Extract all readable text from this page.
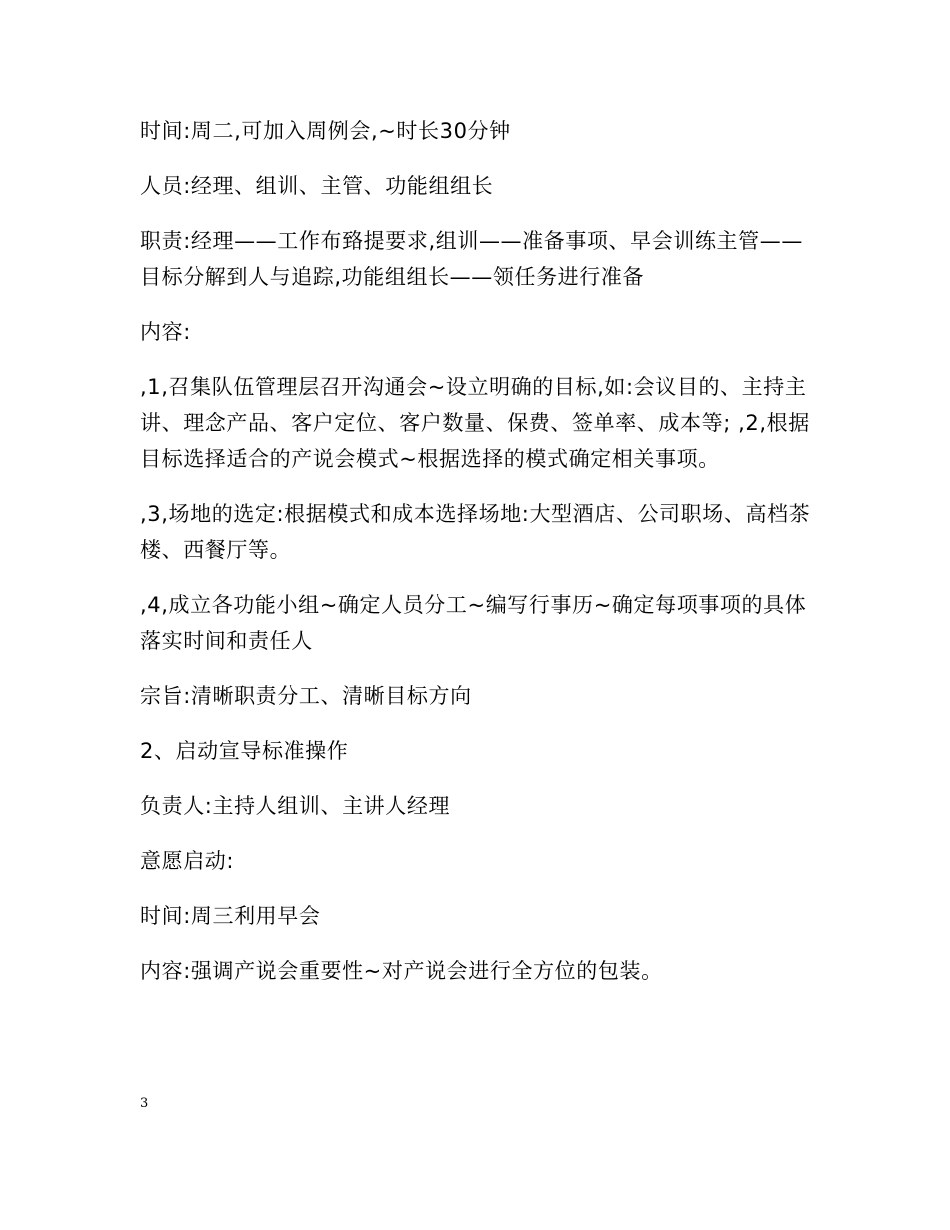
时间:周二,可加入周例会,~时长30分钟

人员:经理、组训、主管、功能组组长

职责:经理——工作布臵提要求,组训——准备事项、早会训练主管——目标分解到人与追踪,功能组组长——领任务进行准备

内容:

,1,召集队伍管理层召开沟通会~设立明确的目标,如:会议目的、主持主讲、理念产品、客户定位、客户数量、保费、签单率、成本等; ,2,根据目标选择适合的产说会模式~根据选择的模式确定相关事项。

,3,场地的选定:根据模式和成本选择场地:大型酒店、公司职场、高档茶楼、西餐厅等。

,4,成立各功能小组~确定人员分工~编写行事历~确定每项事项的具体落实时间和责任人

宗旨:清晰职责分工、清晰目标方向

2、启动宣导标准操作

负责人:主持人组训、主讲人经理

意愿启动:

时间:周三利用早会

内容:强调产说会重要性~对产说会进行全方位的包装。

3
